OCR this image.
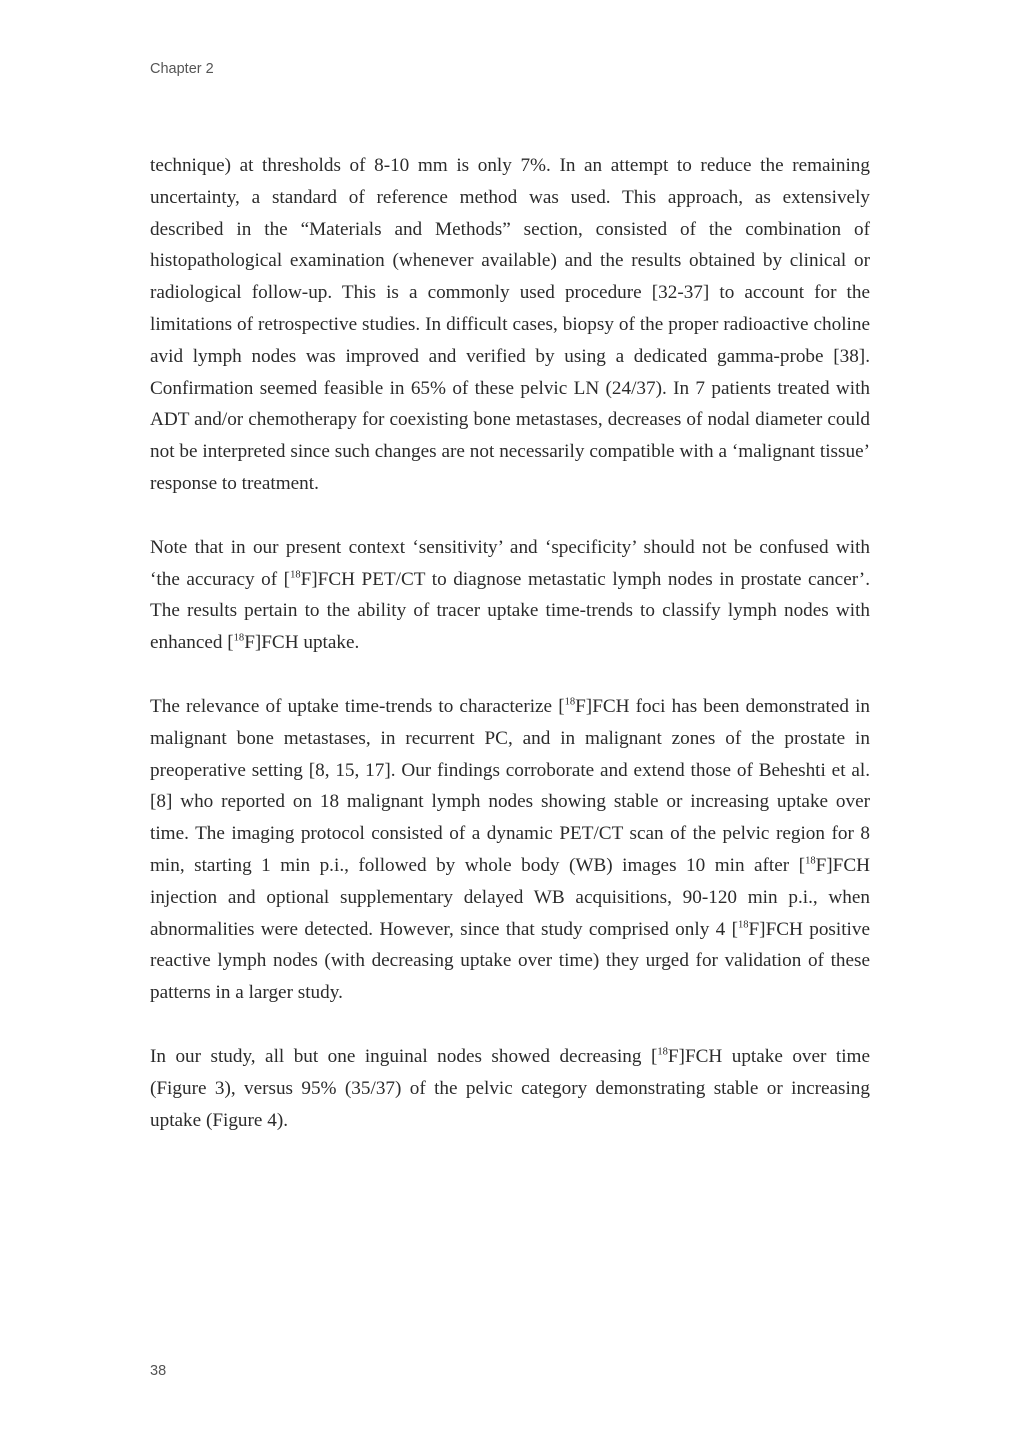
Chapter 2

technique) at thresholds of 8-10 mm is only 7%. In an attempt to reduce the remaining uncertainty, a standard of reference method was used. This approach, as extensively described in the “Materials and Methods” section, consisted of the combination of histopathological examination (whenever available) and the results obtained by clinical or radiological follow-up. This is a commonly used procedure [32-37] to account for the limitations of retrospective studies. In difficult cases, biopsy of the proper radioactive choline avid lymph nodes was improved and verified by using a dedicated gamma-probe [38]. Confirmation seemed feasible in 65% of these pelvic LN (24/37). In 7 patients treated with ADT and/or chemotherapy for coexisting bone metastases, decreases of nodal diameter could not be interpreted since such changes are not necessarily compatible with a ‘malignant tissue’ response to treatment.

Note that in our present context ‘sensitivity’ and ‘specificity’ should not be confused with ‘the accuracy of [$^{18}$F]FCH PET/CT to diagnose metastatic lymph nodes in prostate cancer’. The results pertain to the ability of tracer uptake time-trends to classify lymph nodes with enhanced [$^{18}$F]FCH uptake.

The relevance of uptake time-trends to characterize [$^{18}$F]FCH foci has been demonstrated in malignant bone metastases, in recurrent PC, and in malignant zones of the prostate in preoperative setting [8, 15, 17]. Our findings corroborate and extend those of Beheshti et al. [8] who reported on 18 malignant lymph nodes showing stable or increasing uptake over time. The imaging protocol consisted of a dynamic PET/CT scan of the pelvic region for 8 min, starting 1 min p.i., followed by whole body (WB) images 10 min after [$^{18}$F]FCH injection and optional supplementary delayed WB acquisitions, 90-120 min p.i., when abnormalities were detected. However, since that study comprised only 4 [$^{18}$F]FCH positive reactive lymph nodes (with decreasing uptake over time) they urged for validation of these patterns in a larger study.

In our study, all but one inguinal nodes showed decreasing [$^{18}$F]FCH uptake over time (Figure 3), versus 95% (35/37) of the pelvic category demonstrating stable or increasing uptake (Figure 4).

38
